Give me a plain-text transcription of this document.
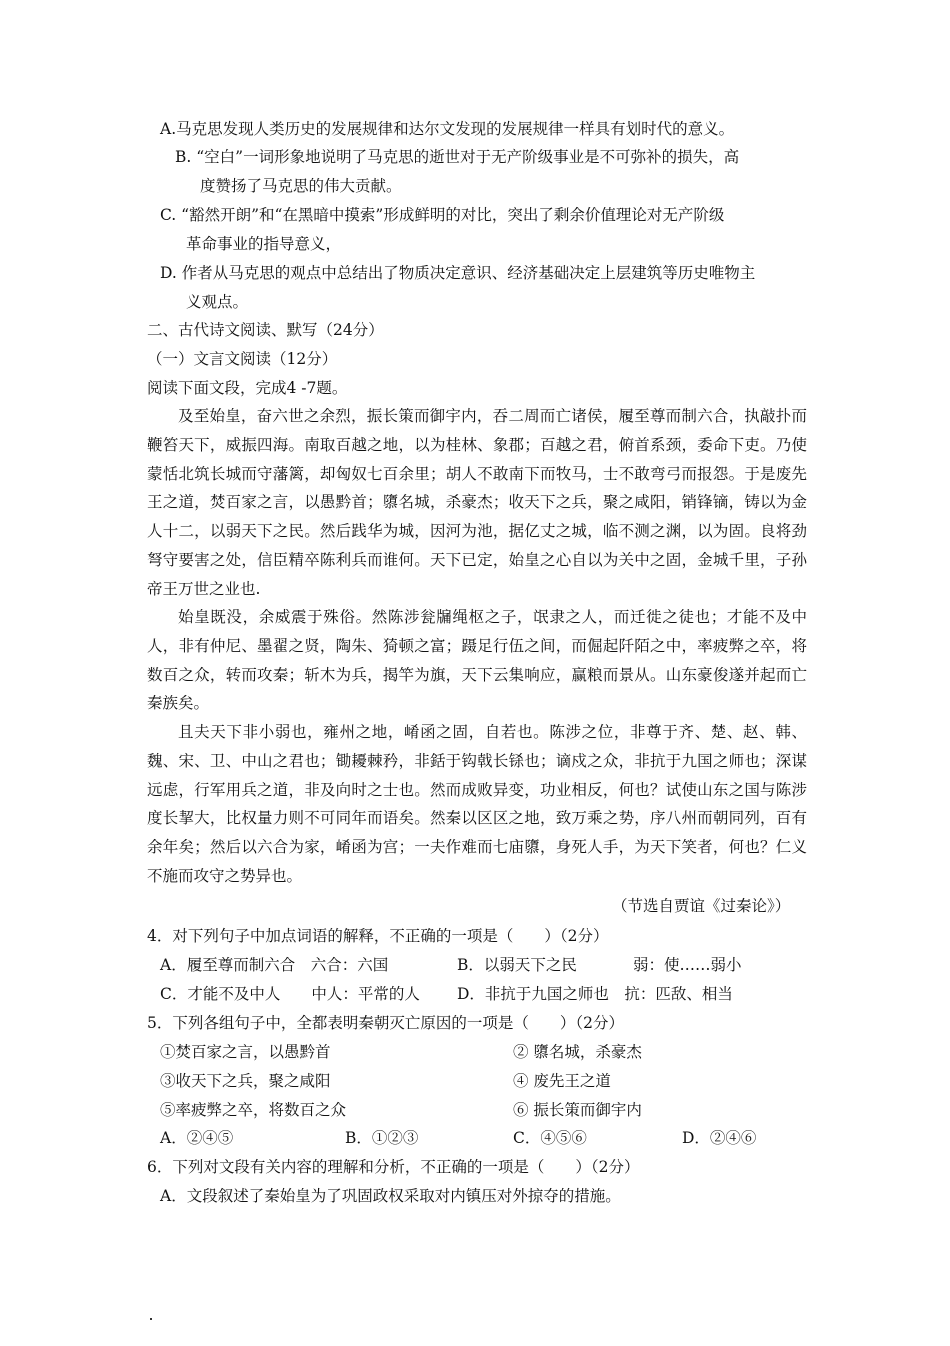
A.马克思发现人类历史的发展规律和达尔文发现的发展规律一样具有划时代的意义。
B. “空白”一词形象地说明了马克思的逝世对于无产阶级事业是不可弥补的损失，高
度赞扬了马克思的伟大贡献。
C. “豁然开朗”和“在黑暗中摸索”形成鲜明的对比，突出了剩余价值理论对无产阶级
革命事业的指导意义，
D. 作者从马克思的观点中总结出了物质决定意识、经济基础决定上层建筑等历史唯物主
义观点。
二、古代诗文阅读、默写（24分）
（一）文言文阅读（12分）
阅读下面文段，完成4 -7题。
及至始皇，奋六世之余烈，振长策而御宇内，吞二周而亡诸侯，履至尊而制六合，执敲扑而鞭笞天下，威振四海。南取百越之地，以为桂林、象郡；百越之君，俯首系颈，委命下吏。乃使蒙恬北筑长城而守藩篱，却匈奴七百余里；胡人不敢南下而牧马，士不敢弯弓而报怨。于是废先王之道，焚百家之言，以愚黔首；隳名城，杀豪杰；收天下之兵，聚之咸阳，销锋镝，铸以为金人十二，以弱天下之民。然后践华为城，因河为池，据亿丈之城，临不测之渊，以为固。良将劲弩守要害之处，信臣精卒陈利兵而谁何。天下已定，始皇之心自以为关中之固，金城千里，子孙帝王万世之业也.
始皇既没，余威震于殊俗。然陈涉瓮牖绳枢之子，氓隶之人，而迁徙之徒也；才能不及中人，非有仲尼、墨翟之贤，陶朱、猗顿之富；蹑足行伍之间，而倔起阡陌之中，率疲弊之卒，将数百之众，转而攻秦；斩木为兵，揭竿为旗，天下云集响应，赢粮而景从。山东豪俊遂并起而亡秦族矣。
且夫天下非小弱也，雍州之地，崤函之固，自若也。陈涉之位，非尊于齐、楚、赵、韩、魏、宋、卫、中山之君也；锄耰棘矜，非銛于钩戟长铩也；谪戍之众，非抗于九国之师也；深谋远虑，行军用兵之道，非及向时之士也。然而成败异变，功业相反，何也？试使山东之国与陈涉度长挈大，比权量力则不可同年而语矣。然秦以区区之地，致万乘之势，序八州而朝同列，百有余年矣；然后以六合为家，崤函为宫；一夫作难而七庙隳，身死人手，为天下笑者，何也？仁义不施而攻守之势异也。
（节选自贾谊《过秦论》）
4．对下列句子中加点词语的解释，不正确的一项是（　　）（2分）
A．履至尊而制六合　六合：六国	B．以弱天下之民	弱：使……弱小
C．才能不及中人　　中人：平常的人 D．非抗于九国之师也　抗：匹敌、相当
5．下列各组句子中，全都表明秦朝灭亡原因的一项是（　　）（2分）
①焚百家之言，以愚黔首	② 隳名城，杀豪杰
③收天下之兵，聚之咸阳	④ 废先王之道
⑤率疲弊之卒，将数百之众	⑥ 振长策而御宇内
A．②④⑤	B．①②③	C．④⑤⑥	D．②④⑥
6．下列对文段有关内容的理解和分析，不正确的一项是（　　）（2分）
A．文段叙述了秦始皇为了巩固政权采取对内镇压对外掠夺的措施。
